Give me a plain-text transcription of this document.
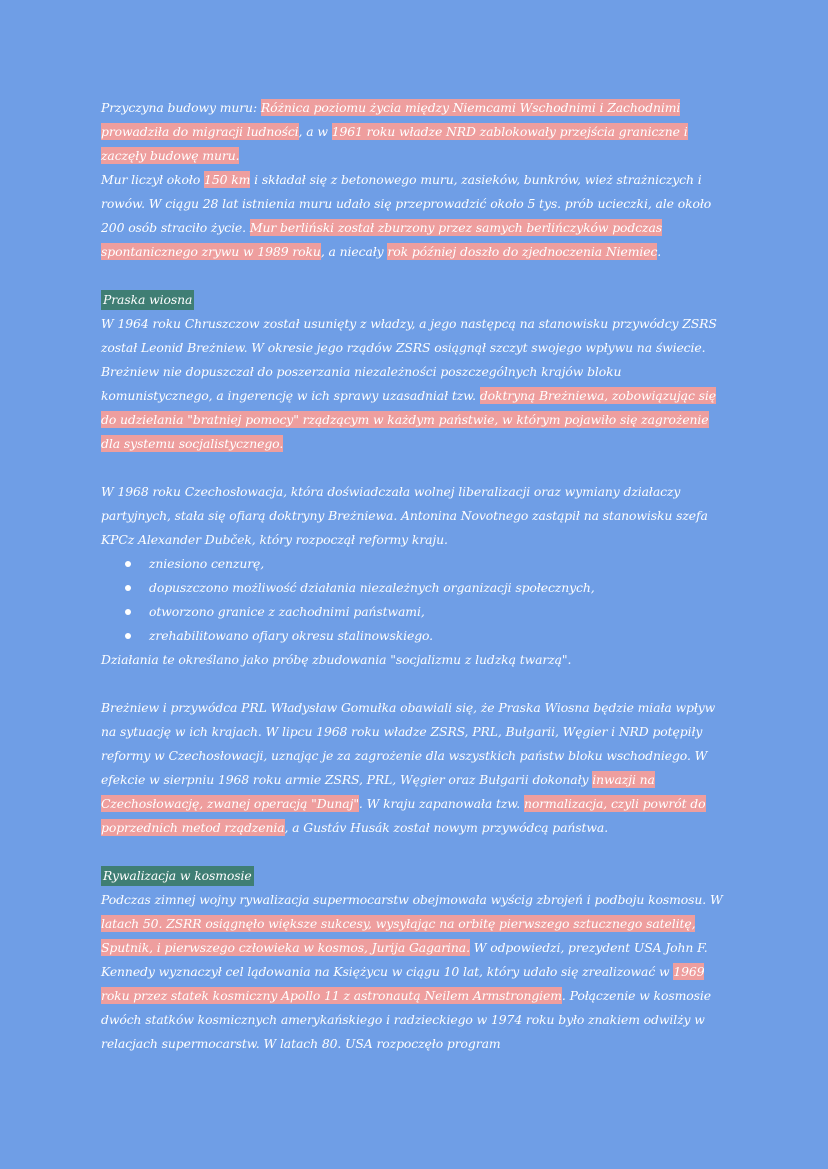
Przyczyna budowy muru: Różnica poziomu życia między Niemcami Wschodnimi i Zachodnimi prowadziła do migracji ludności, a w 1961 roku władze NRD zablokowały przejścia graniczne i zaczęły budowę muru.

Mur liczył około 150 km i składał się z betonowego muru, zasieków, bunkrów, wież strażniczych i rowów. W ciągu 28 lat istnienia muru udało się przeprowadzić około 5 tys. prób ucieczki, ale około 200 osób straciło życie. Mur berliński został zburzony przez samych berlińczyków podczas spontanicznego zrywu w 1989 roku, a niecały rok później doszło do zjednoczenia Niemiec.

Praska wiosna

W 1964 roku Chruszczow został usunięty z władzy, a jego następcą na stanowisku przywódcy ZSRS został Leonid Breżniew. W okresie jego rządów ZSRS osiągnął szczyt swojego wpływu na świecie. Breżniew nie dopuszczał do poszerzania niezależności poszczególnych krajów bloku komunistycznego, a ingerencję w ich sprawy uzasadniał tzw. doktryną Breżniewa, zobowiązując się do udzielania "bratniej pomocy" rządzącym w każdym państwie, w którym pojawiło się zagrożenie dla systemu socjalistycznego.

W 1968 roku Czechosłowacja, która doświadczała wolnej liberalizacji oraz wymiany działaczy partyjnych, stała się ofiarą doktryny Breżniewa. Antonina Novotnego zastąpił na stanowisku szefa KPCz Alexander Dubček, który rozpoczął reformy kraju.

zniesiono cenzurę,
dopuszczono możliwość działania niezależnych organizacji społecznych,
otworzono granice z zachodnimi państwami,
zrehabilitowano ofiary okresu stalinowskiego.

Działania te określano jako próbę zbudowania "socjalizmu z ludzką twarzą".

Breżniew i przywódca PRL Władysław Gomułka obawiali się, że Praska Wiosna będzie miała wpływ na sytuację w ich krajach. W lipcu 1968 roku władze ZSRS, PRL, Bułgarii, Węgier i NRD potępiły reformy w Czechosłowacji, uznając je za zagrożenie dla wszystkich państw bloku wschodniego. W efekcie w sierpniu 1968 roku armie ZSRS, PRL, Węgier oraz Bułgarii dokonały inwazji na Czechosłowację, zwanej operacją "Dunaj". W kraju zapanowała tzw. normalizacja, czyli powrót do poprzednich metod rządzenia, a Gustáv Husák został nowym przywódcą państwa.

Rywalizacja w kosmosie

Podczas zimnej wojny rywalizacja supermocarstw obejmowała wyścig zbrojeń i podboju kosmosu. W latach 50. ZSRR osiągnęło większe sukcesy, wysyłając na orbitę pierwszego sztucznego satelitę, Sputnik, i pierwszego człowieka w kosmos, Jurija Gagarina. W odpowiedzi, prezydent USA John F. Kennedy wyznaczył cel lądowania na Księżycu w ciągu 10 lat, który udało się zrealizować w 1969 roku przez statek kosmiczny Apollo 11 z astronautą Neilem Armstrongiem. Połączenie w kosmosie dwóch statków kosmicznych amerykańskiego i radzieckiego w 1974 roku było znakiem odwilży w relacjach supermocarstw. W latach 80. USA rozpoczęło program
